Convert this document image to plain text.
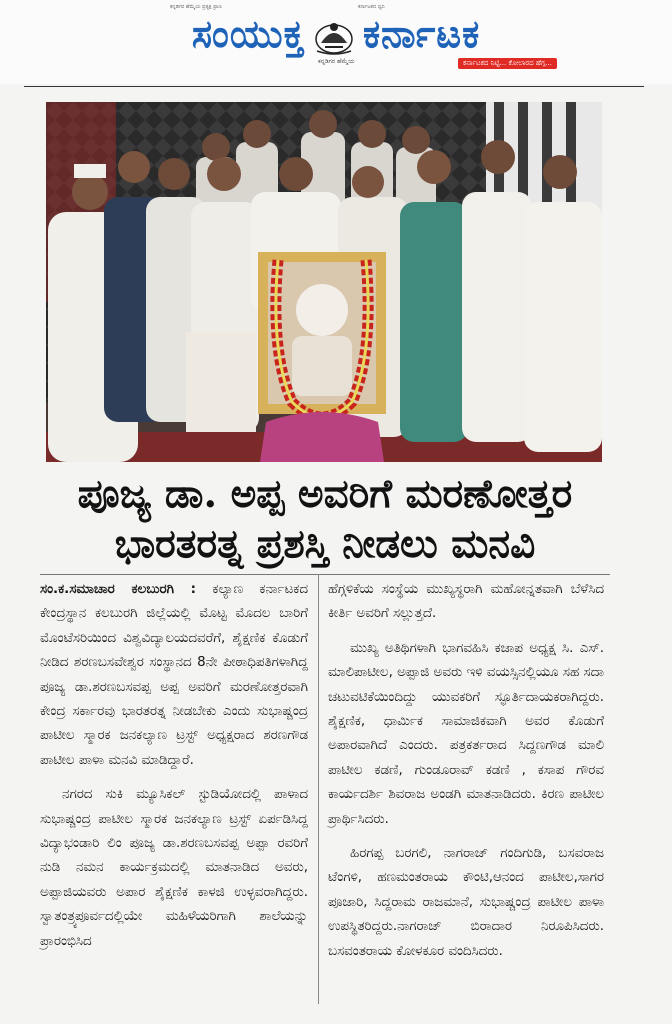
ಕನ್ನಡಿಗರ ಹೆಮ್ಮೆಯ ಪ್ರತ್ಯಕ್ಷ ಪ್ರಾಣ	ಕರ್ನಾಟಕದ ಧ್ವನಿ
ಸಂಯುಕ್ತ ಕರ್ನಾಟಕ
ಕನ್ನಡಿಗರ ಹೆಮ್ಮೆಯ	ಕರ್ನಾಟಕದ ನಿಟ್ಟಿ... ಕೋಲಾರದ ಹೆಗ್ಗ...
ಪೂಜ್ಯ ಡಾ. ಅಪ್ಪ ಅವರಿಗೆ ಮರಣೋತ್ತರ
ಭಾರತರತ್ನ ಪ್ರಶಸ್ತಿ ನೀಡಲು ಮನವಿ

ಸಂ.ಕ.ಸಮಾಚಾರ ಕಲಬುರಗಿ : ಕಲ್ಯಾಣ ಕರ್ನಾಟಕದ ಕೇಂದ್ರಸ್ಥಾನ ಕಲಬುರಗಿ ಜಿಲ್ಲೆಯಲ್ಲಿ ಮೊಟ್ಟ ಮೊದಲ ಬಾರಿಗೆ ಮೊಂಟೆಸರಿಯಿಂದ ವಿಶ್ವವಿದ್ಯಾಲಯದವರೆಗೆ, ಶೈಕ್ಷಣಿಕ ಕೊಡುಗೆ ನೀಡಿದ ಶರಣಬಸವೇಶ್ವರ ಸಂಸ್ಥಾನದ 8ನೇ ಪೀಠಾಧಿಪತಿಗಳಾಗಿದ್ದ ಪೂಜ್ಯ ಡಾ.ಶರಣಬಸವಪ್ಪ ಅಪ್ಪ ಅವರಿಗೆ ಮರಣೋತ್ತರವಾಗಿ ಕೇಂದ್ರ ಸರ್ಕಾರವು ಭಾರತರತ್ನ ನೀಡಬೇಕು ಎಂದು ಸುಭಾಷ್ಚಂದ್ರ ಪಾಟೀಲ ಸ್ಮಾರಕ ಜನಕಲ್ಯಾಣ ಟ್ರಸ್ಟ್ ಅಧ್ಯಕ್ಷರಾದ ಶರಣಗೌಡ ಪಾಟೀಲ ಪಾಳಾ ಮನವಿ ಮಾಡಿದ್ದಾರೆ.

ನಗರದ ಸುಕಿ ಮ್ಯೂಸಿಕಲ್ ಸ್ಟುಡಿಯೋದಲ್ಲಿ ಪಾಳಾದ ಸುಭಾಷ್ಚಂದ್ರ ಪಾಟೀಲ ಸ್ಮಾರಕ ಜನಕಲ್ಯಾಣ ಟ್ರಸ್ಟ್ ಏರ್ಪಡಿಸಿದ್ದ ವಿದ್ಯಾಭಂಡಾರಿ ಲಿಂ ಪೂಜ್ಯ ಡಾ.ಶರಣಬಸವಪ್ಪ ಅಪ್ಪಾ ರವರಿಗೆ ನುಡಿ ನಮನ ಕಾರ್ಯಕ್ರಮದಲ್ಲಿ ಮಾತನಾಡಿದ ಅವರು, ಅಪ್ಪಾಜಿಯವರು ಅಪಾರ ಶೈಕ್ಷಣಿಕ ಕಾಳಜಿ ಉಳ್ಳವರಾಗಿದ್ದರು. ಸ್ವಾತಂತ್ರ್ಯಪೂರ್ವದಲ್ಲಿಯೇ ಮಹಿಳೆಯರಿಗಾಗಿ ಶಾಲೆಯನ್ನು ಪ್ರಾರಂಭಿಸಿದ

ಹೆಗ್ಗಳಿಕೆಯ ಸಂಸ್ಥೆಯ ಮುಖ್ಯಸ್ಥರಾಗಿ ಮಹೋನ್ನತವಾಗಿ ಬೆಳೆಸಿದ ಕೀರ್ತಿ ಅವರಿಗೆ ಸಲ್ಲುತ್ತದೆ.

ಮುಖ್ಯ ಅತಿಥಿಗಳಾಗಿ ಭಾಗವಹಿಸಿ ಕಜಾಪ ಅಧ್ಯಕ್ಷ ಸಿ. ಎಸ್. ಮಾಲಿಪಾಟೀಲ, ಅಪ್ಪಾಜಿ ಅವರು ಇಳಿ ವಯಸ್ಸಿನಲ್ಲಿಯೂ ಸಹ ಸದಾ ಚಟುವಟಿಕೆಯಿಂದಿದ್ದು ಯುವಕರಿಗೆ ಸ್ಫೂರ್ತಿದಾಯಕರಾಗಿದ್ದರು. ಶೈಕ್ಷಣಿಕ, ಧಾರ್ಮಿಕ ಸಾಮಾಜಿಕವಾಗಿ ಅವರ ಕೊಡುಗೆ ಅಪಾರವಾಗಿದೆ ಎಂದರು. ಪತ್ರಕರ್ತರಾದ ಸಿದ್ದಣಗೌಡ ಮಾಲಿ ಪಾಟೀಲ ಕಡಣಿ, ಗುಂಡೂರಾವ್ ಕಡಣಿ , ಕಸಾಪ ಗೌರವ ಕಾರ್ಯದರ್ಶಿ ಶಿವರಾಜ ಅಂಡಗಿ ಮಾತನಾಡಿದರು. ಕಿರಣ ಪಾಟೀಲ ಪ್ರಾರ್ಥಿಸಿದರು.

ಹಿರಗಪ್ಪ ಬರಗಲಿ, ನಾಗರಾಜ್ ಗಂದಿಗುಡಿ, ಬಸವರಾಜ ಟೆಂಗಳಿ, ಹಣಮಂತರಾಯ ಕೌಂಟಿ,ಆನಂದ ಪಾಟೀಲ,ಸಾಗರ ಪೂಜಾರಿ, ಸಿದ್ದರಾಮ ರಾಜಮಾನೆ, ಸುಭಾಷ್ಚಂದ್ರ ಪಾಟೀಲ ಪಾಳಾ ಉಪಸ್ಥಿತರಿದ್ದರು.ನಾಗರಾಜ್ ಬಿರಾದಾರ ನಿರೂಪಿಸಿದರು. ಬಸವಂತರಾಯ ಕೋಳಕೂರ ವಂದಿಸಿದರು.
